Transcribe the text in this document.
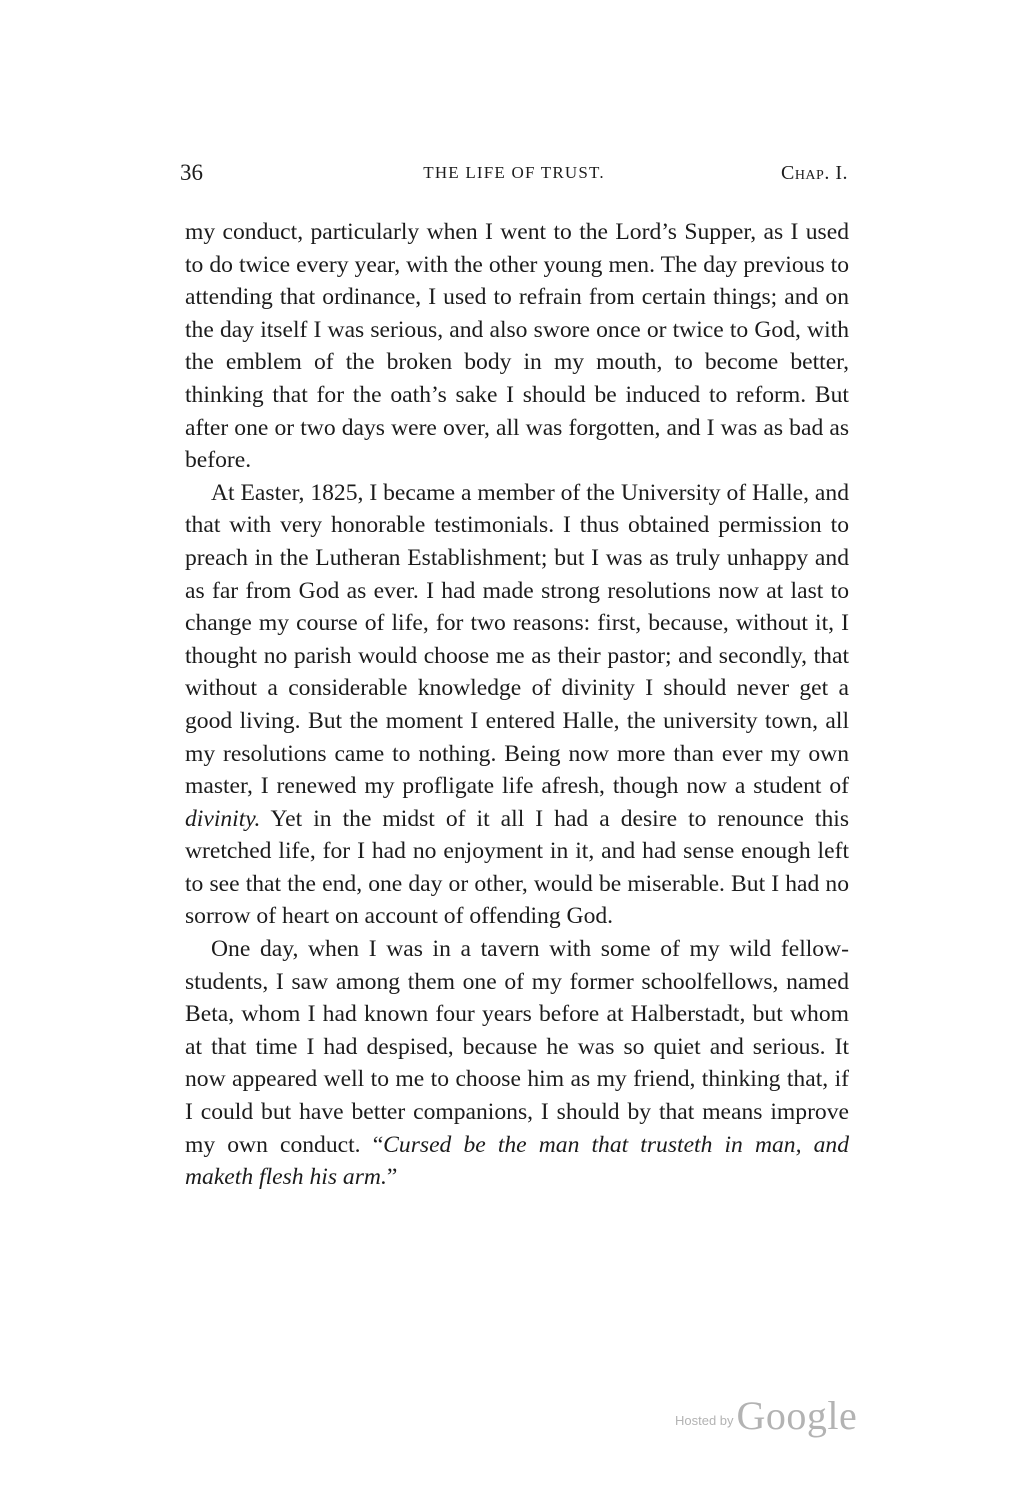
36	THE LIFE OF TRUST.	Chap. I.

my conduct, particularly when I went to the Lord’s Supper, as I used to do twice every year, with the other young men. The day previous to attending that ordinance, I used to refrain from certain things; and on the day itself I was serious, and also swore once or twice to God, with the emblem of the broken body in my mouth, to become better, thinking that for the oath’s sake I should be induced to reform. But after one or two days were over, all was forgotten, and I was as bad as before.

At Easter, 1825, I became a member of the University of Halle, and that with very honorable testimonials. I thus obtained permission to preach in the Lutheran Establishment; but I was as truly unhappy and as far from God as ever. I had made strong resolutions now at last to change my course of life, for two reasons: first, because, without it, I thought no parish would choose me as their pastor; and secondly, that without a considerable knowledge of divinity I should never get a good living. But the moment I entered Halle, the university town, all my resolutions came to nothing. Being now more than ever my own master, I renewed my profligate life afresh, though now a student of divinity. Yet in the midst of it all I had a desire to renounce this wretched life, for I had no enjoyment in it, and had sense enough left to see that the end, one day or other, would be miserable. But I had no sorrow of heart on account of offending God.

One day, when I was in a tavern with some of my wild fellow-students, I saw among them one of my former schoolfellows, named Beta, whom I had known four years before at Halberstadt, but whom at that time I had despised, because he was so quiet and serious. It now appeared well to me to choose him as my friend, thinking that, if I could but have better companions, I should by that means improve my own conduct. “Cursed be the man that trusteth in man, and maketh flesh his arm.”

$^{Hosted by}$Google
